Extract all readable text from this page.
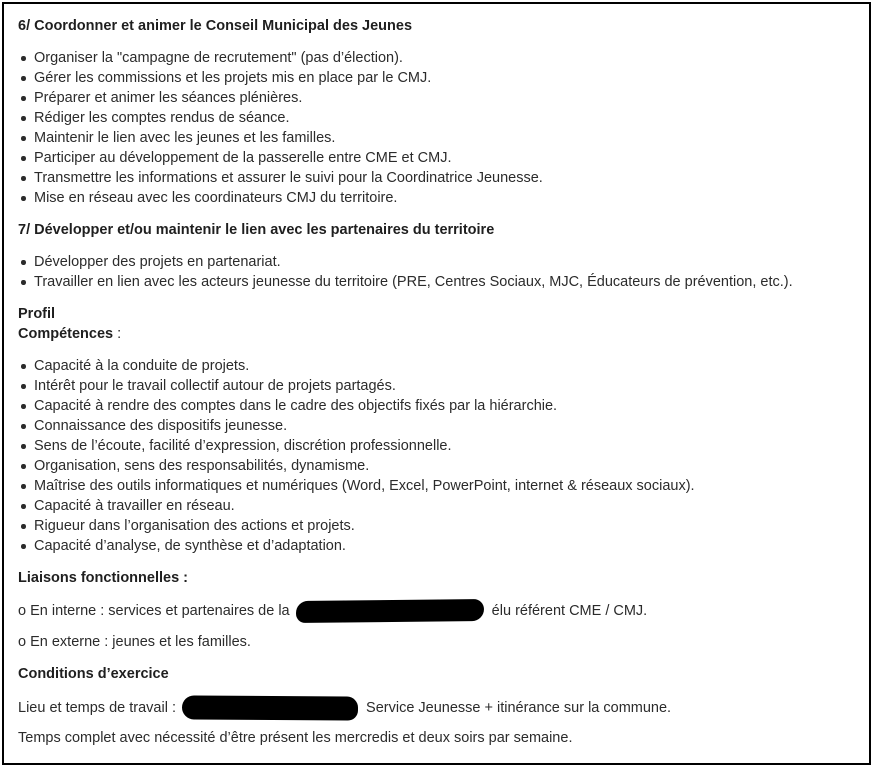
6/ Coordonner et animer le Conseil Municipal des Jeunes
Organiser la "campagne de recrutement" (pas d’élection).
Gérer les commissions et les projets mis en place par le CMJ.
Préparer et animer les séances plénières.
Rédiger les comptes rendus de séance.
Maintenir le lien avec les jeunes et les familles.
Participer au développement de la passerelle entre CME et CMJ.
Transmettre les informations et assurer le suivi pour la Coordinatrice Jeunesse.
Mise en réseau avec les coordinateurs CMJ du territoire.
7/ Développer et/ou maintenir le lien avec les partenaires du territoire
Développer des projets en partenariat.
Travailler en lien avec les acteurs jeunesse du territoire (PRE, Centres Sociaux, MJC, Éducateurs de prévention, etc.).
Profil
Compétences :
Capacité à la conduite de projets.
Intérêt pour le travail collectif autour de projets partagés.
Capacité à rendre des comptes dans le cadre des objectifs fixés par la hiérarchie.
Connaissance des dispositifs jeunesse.
Sens de l’écoute, facilité d’expression, discrétion professionnelle.
Organisation, sens des responsabilités, dynamisme.
Maîtrise des outils informatiques et numériques (Word, Excel, PowerPoint, internet & réseaux sociaux).
Capacité à travailler en réseau.
Rigueur dans l’organisation des actions et projets.
Capacité d’analyse, de synthèse et d’adaptation.
Liaisons fonctionnelles :
o En interne : services et partenaires de la	élu référent CME / CMJ.
o En externe : jeunes et les familles.
Conditions d’exercice
Lieu et temps de travail :	Service Jeunesse + itinérance sur la commune.
Temps complet avec nécessité d’être présent les mercredis et deux soirs par semaine.
